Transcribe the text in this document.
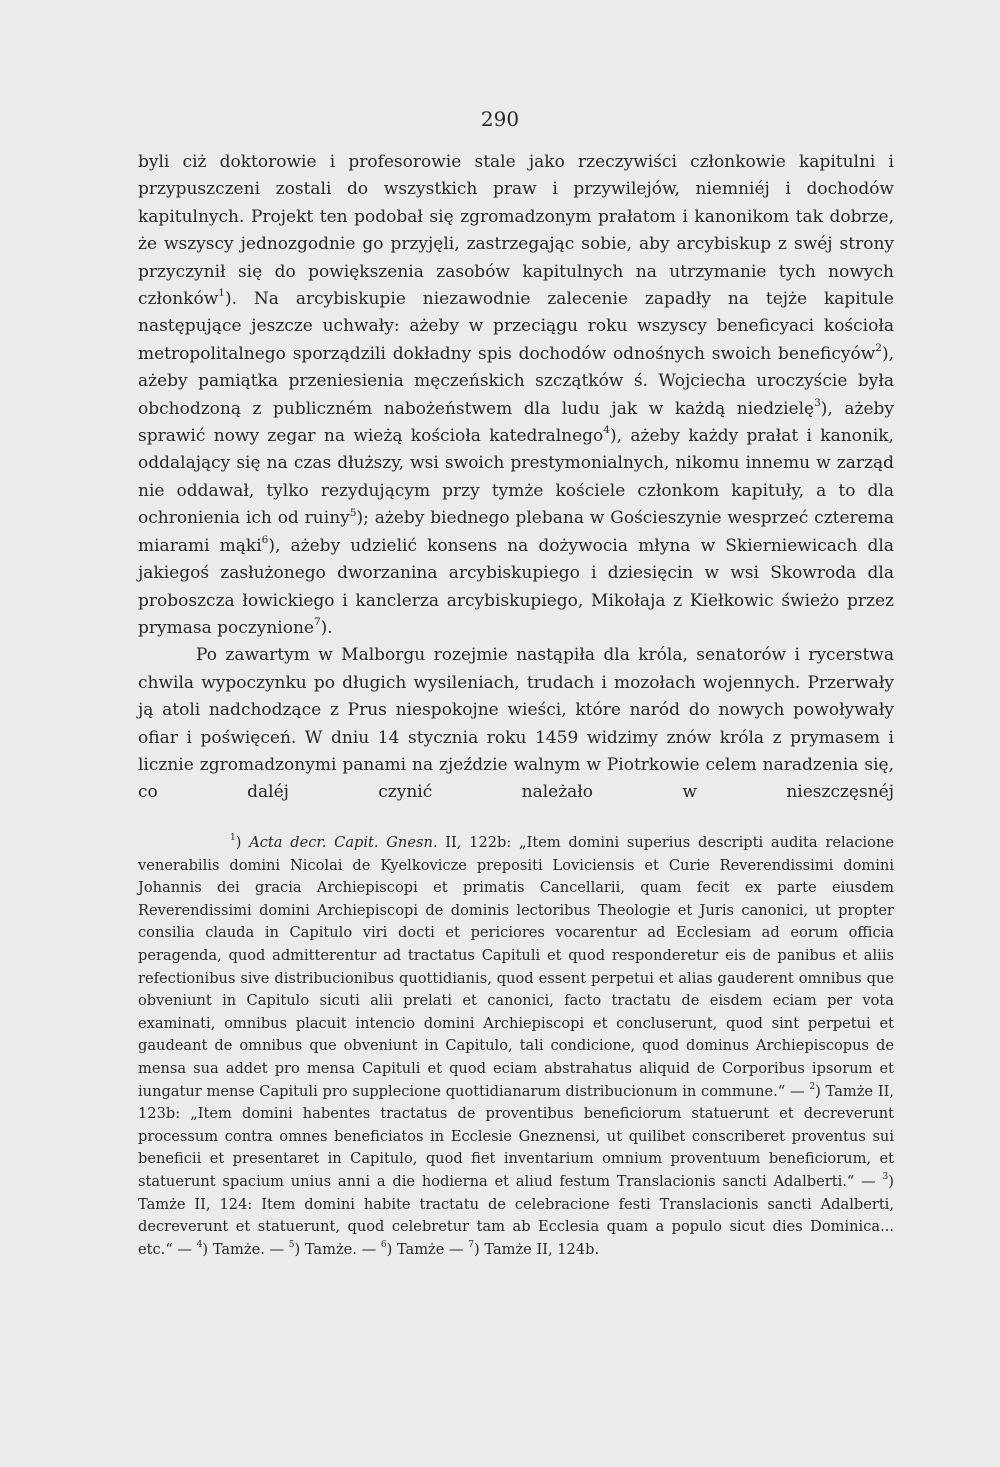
290

byli ciż doktorowie i profesorowie stale jako rzeczywiści członkowie kapitulni i przypuszczeni zostali do wszystkich praw i przywilejów, niemniéj i dochodów kapitulnych. Projekt ten podobał się zgromadzonym prałatom i kanonikom tak dobrze, że wszyscy jednozgodnie go przyjęli, zastrzegając sobie, aby arcybiskup z swéj strony przyczynił się do powiększenia zasobów kapitulnych na utrzymanie tych nowych członków$^1$). Na arcybiskupie niezawodnie zalecenie zapadły na tejże kapitule następujące jeszcze uchwały: ażeby w przeciągu roku wszyscy beneficyaci kościoła metropolitalnego sporządzili dokładny spis dochodów odnośnych swoich beneficyów$^2$), ażeby pamiątka przeniesienia męczeńskich szczątków ś. Wojciecha uroczyście była obchodzoną z publiczném nabożeństwem dla ludu jak w każdą niedzielę$^3$), ażeby sprawić nowy zegar na wieżą kościoła katedralnego$^4$), ażeby każdy prałat i kanonik, oddalający się na czas dłuższy, wsi swoich prestymonialnych, nikomu innemu w zarząd nie oddawał, tylko rezydującym przy tymże kościele członkom kapituły, a to dla ochronienia ich od ruiny$^5$); ażeby biednego plebana w Gościeszynie wesprzeć czterema miarami mąki$^6$), ażeby udzielić konsens na dożywocia młyna w Skierniewicach dla jakiegoś zasłużonego dworzanina arcybiskupiego i dziesięcin w wsi Skowroda dla proboszcza łowickiego i kanclerza arcybiskupiego, Mikołaja z Kiełkowic świeżo przez prymasa poczynione$^7$).

Po zawartym w Malborgu rozejmie nastąpiła dla króla, senatorów i rycerstwa chwila wypoczynku po długich wysileniach, trudach i mozołach wojennych. Przerwały ją atoli nadchodzące z Prus niespokojne wieści, które naród do nowych powoływały ofiar i poświęceń. W dniu 14 stycznia roku 1459 widzimy znów króla z prymasem i licznie zgromadzonymi panami na zjeździe walnym w Piotrkowie celem naradzenia się, co daléj czynić należało w nieszczęsnéj

$^1$) Acta decr. Capit. Gnesn. II, 122b: „Item domini superius descripti audita relacione venerabilis domini Nicolai de Kyelkovicze prepositi Loviciensis et Curie Reverendissimi domini Johannis dei gracia Archiepiscopi et primatis Cancellarii, quam fecit ex parte eiusdem Reverendissimi domini Archiepiscopi de dominis lectoribus Theologie et Juris canonici, ut propter consilia clauda in Capitulo viri docti et periciores vocarentur ad Ecclesiam ad eorum officia peragenda, quod admitterentur ad tractatus Capituli et quod responderetur eis de panibus et aliis refectionibus sive distribucionibus quottidianis, quod essent perpetui et alias gauderent omnibus que obveniunt in Capitulo sicuti alii prelati et canonici, facto tractatu de eisdem eciam per vota examinati, omnibus placuit intencio domini Archiepiscopi et concluserunt, quod sint perpetui et gaudeant de omnibus que obveniunt in Capitulo, tali condicione, quod dominus Archiepiscopus de mensa sua addet pro mensa Capituli et quod eciam abstrahatus aliquid de Corporibus ipsorum et iungatur mense Capituli pro supplecione quottidianarum distribucionum in commune.“ — $^2$) Tamże II, 123b: „Item domini habentes tractatus de proventibus beneficiorum statuerunt et decreverunt processum contra omnes beneficiatos in Ecclesie Gneznensi, ut quilibet conscriberet proventus sui beneficii et presentaret in Capitulo, quod fiet inventarium omnium proventuum beneficiorum, et statuerunt spacium unius anni a die hodierna et aliud festum Translacionis sancti Adalberti.“ — $^3$) Tamże II, 124: Item domini habite tractatu de celebracione festi Translacionis sancti Adalberti, decreverunt et statuerunt, quod celebretur tam ab Ecclesia quam a populo sicut dies Dominica... etc.“ — $^4$) Tamże. — $^5$) Tamże. — $^6$) Tamże — $^7$) Tamże II, 124b.
